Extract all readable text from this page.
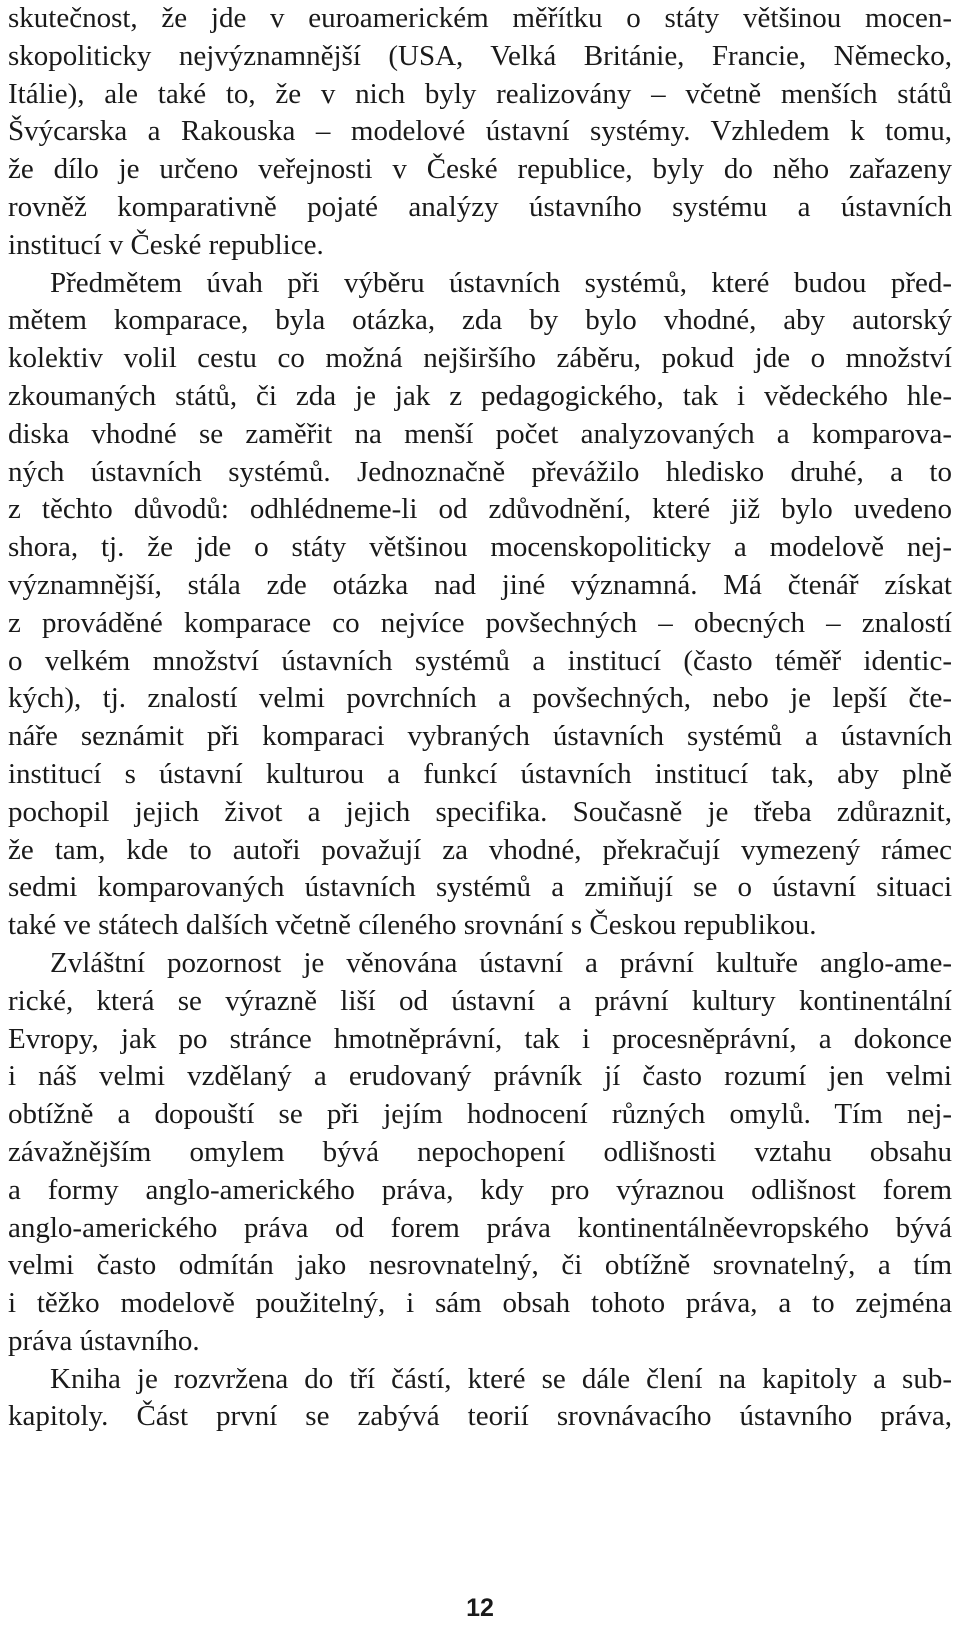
skutečnost, že jde v euroamerickém měřítku o státy většinou mocen-
skopoliticky nejvýznamnější (USA, Velká Británie, Francie, Německo,
Itálie), ale také to, že v nich byly realizovány – včetně menších států
Švýcarska a Rakouska – modelové ústavní systémy. Vzhledem k tomu,
že dílo je určeno veřejnosti v České republice, byly do něho zařazeny
rovněž komparativně pojaté analýzy ústavního systému a ústavních
institucí v České republice.
Předmětem úvah při výběru ústavních systémů, které budou před-
mětem komparace, byla otázka, zda by bylo vhodné, aby autorský
kolektiv volil cestu co možná nejširšího záběru, pokud jde o množství
zkoumaných států, či zda je jak z pedagogického, tak i vědeckého hle-
diska vhodné se zaměřit na menší počet analyzovaných a komparova-
ných ústavních systémů. Jednoznačně převážilo hledisko druhé, a to
z těchto důvodů: odhlédneme-li od zdůvodnění, které již bylo uvedeno
shora, tj. že jde o státy většinou mocenskopoliticky a modelově nej-
významnější, stála zde otázka nad jiné významná. Má čtenář získat
z prováděné komparace co nejvíce povšechných – obecných – znalostí
o velkém množství ústavních systémů a institucí (často téměř identic-
kých), tj. znalostí velmi povrchních a povšechných, nebo je lepší čte-
náře seznámit při komparaci vybraných ústavních systémů a ústavních
institucí s ústavní kulturou a funkcí ústavních institucí tak, aby plně
pochopil jejich život a jejich specifika. Současně je třeba zdůraznit,
že tam, kde to autoři považují za vhodné, překračují vymezený rámec
sedmi komparovaných ústavních systémů a zmiňují se o ústavní situaci
také ve státech dalších včetně cíleného srovnání s Českou republikou.
Zvláštní pozornost je věnována ústavní a právní kultuře anglo-ame-
rické, která se výrazně liší od ústavní a právní kultury kontinentální
Evropy, jak po stránce hmotněprávní, tak i procesněprávní, a dokonce
i náš velmi vzdělaný a erudovaný právník jí často rozumí jen velmi
obtížně a dopouští se při jejím hodnocení různých omylů. Tím nej-
závažnějším omylem bývá nepochopení odlišnosti vztahu obsahu
a formy anglo-amerického práva, kdy pro výraznou odlišnost forem
anglo-amerického práva od forem práva kontinentálněevropského bývá
velmi často odmítán jako nesrovnatelný, či obtížně srovnatelný, a tím
i těžko modelově použitelný, i sám obsah tohoto práva, a to zejména
práva ústavního.
Kniha je rozvržena do tří částí, které se dále člení na kapitoly a sub-
kapitoly. Část první se zabývá teorií srovnávacího ústavního práva,
12
